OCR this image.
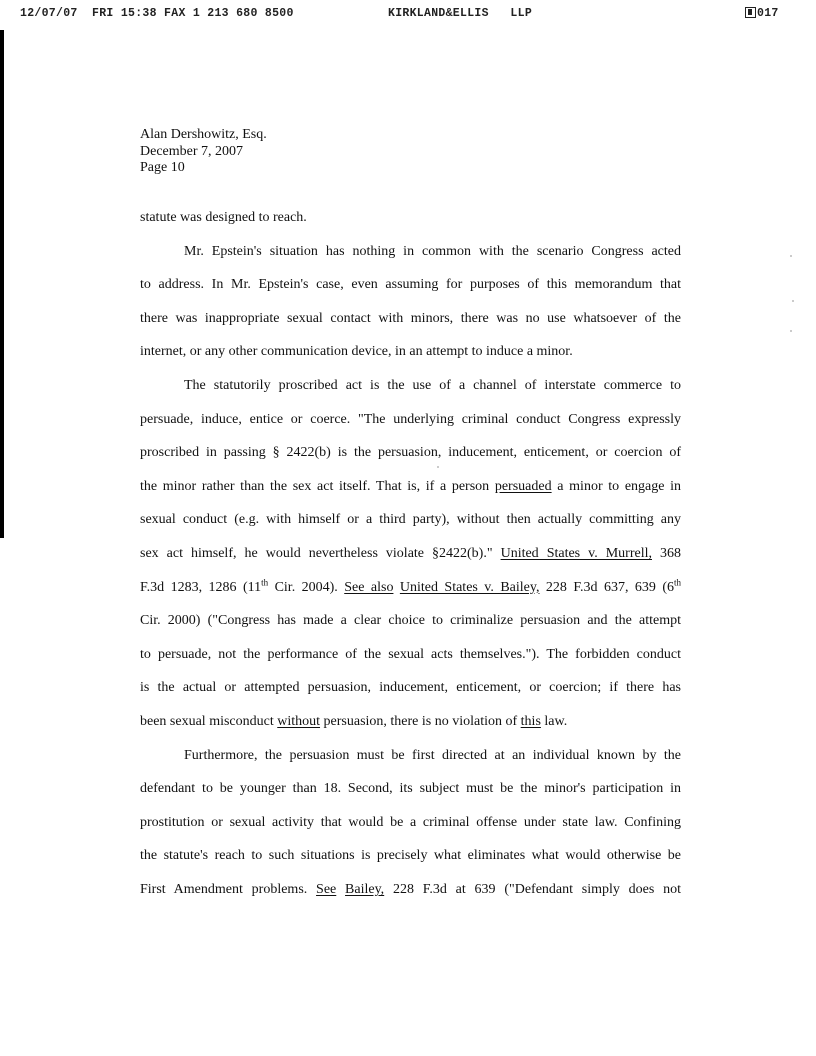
12/07/07 FRI 15:38 FAX 1 213 680 8500	KIRKLAND&ELLIS   LLP	017
Alan Dershowitz, Esq.
December 7, 2007
Page 10
statute was designed to reach.
Mr. Epstein's situation has nothing in common with the scenario Congress acted
to address. In Mr. Epstein's case, even assuming for purposes of this memorandum that
there was inappropriate sexual contact with minors, there was no use whatsoever of the
internet, or any other communication device, in an attempt to induce a minor.
The statutorily proscribed act is the use of a channel of interstate commerce to
persuade, induce, entice or coerce. "The underlying criminal conduct Congress expressly
proscribed in passing § 2422(b) is the persuasion, inducement, enticement, or coercion of
the minor rather than the sex act itself. That is, if a person persuaded a minor to engage in
sexual conduct (e.g. with himself or a third party), without then actually committing any
sex act himself, he would nevertheless violate §2422(b)." United States v. Murrell, 368
F.3d 1283, 1286 (11th Cir. 2004). See also United States v. Bailey, 228 F.3d 637, 639 (6th
Cir. 2000) ("Congress has made a clear choice to criminalize persuasion and the attempt
to persuade, not the performance of the sexual acts themselves."). The forbidden conduct
is the actual or attempted persuasion, inducement, enticement, or coercion; if there has
been sexual misconduct without persuasion, there is no violation of this law.
Furthermore, the persuasion must be first directed at an individual known by the
defendant to be younger than 18. Second, its subject must be the minor's participation in
prostitution or sexual activity that would be a criminal offense under state law. Confining
the statute's reach to such situations is precisely what eliminates what would otherwise be
First Amendment problems. See Bailey, 228 F.3d at 639 ("Defendant simply does not
